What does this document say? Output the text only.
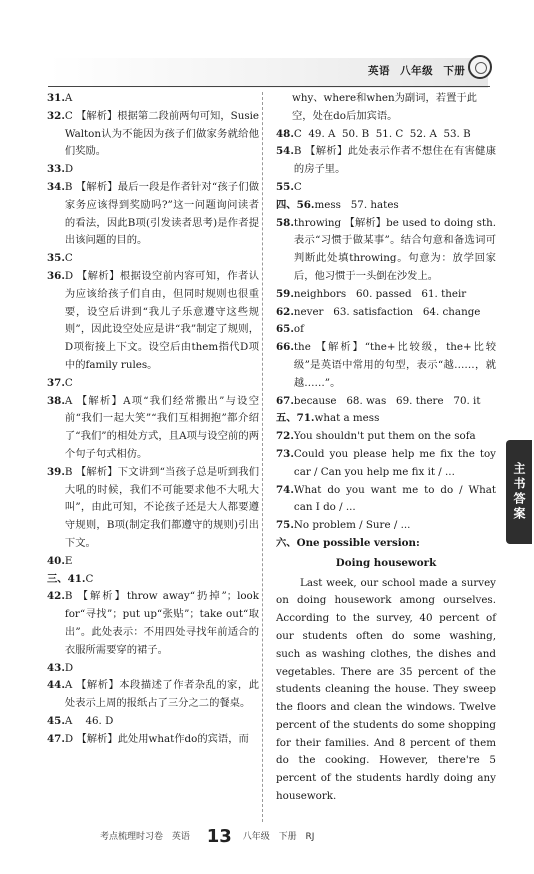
英语 八年级 下册
31. A
32. C 【解析】根据第二段前两句可知，Susie Walton认为不能因为孩子们做家务就给他们奖励。
33. D
34. B 【解析】最后一段是作者针对“孩子们做家务应该得到奖励吗?”这一问题询问读者的看法，因此B项(引发读者思考)是作者提出该问题的目的。
35. C
36. D 【解析】根据设空前内容可知，作者认为应该给孩子们自由，但同时规则也很重要，设空后讲到“我儿子乐意遵守这些规则”，因此设空处应是讲“我”制定了规则，D项衔接上下文。设空后由them指代D项中的family rules。
37. C
38. A 【解析】A项“我们经常搬出”与设空前“我们一起大笑”“我们互相拥抱”都介绍了“我们”的相处方式，且A项与设空前的两个句子句式相仿。
39. B 【解析】下文讲到“当孩子总是听到我们大吼的时候，我们不可能要求他不大吼大叫”，由此可知，不论孩子还是大人都要遵守规则，B项(制定我们都遵守的规则)引出下文。
40. E
三、41. C
42. B 【解析】throw away“扔掉”；look for“寻找”；put up“张贴”；take out“取出”。此处表示：不用四处寻找年前适合的衣服所需要穿的裙子。
43. D
44. A 【解析】本段描述了作者杂乱的家，此处表示上周的报纸占了三分之二的餐桌。
45. A    46. D
47. D 【解析】此处用what作do的宾语，而
why、where和when为副词，若置于此空，处在do后加宾语。
48. C  49. A  50. B  51. C  52. A  53. B
54. B 【解析】此处表示作者不想住在有害健康的房子里。
55. C
四、56. mess   57. hates
58. throwing 【解析】be used to doing sth. 表示“习惯于做某事”。结合句意和备选词可判断此处填throwing。句意为：放学回家后，他习惯于一头倒在沙发上。
59. neighbors   60. passed   61. their
62. never   63. satisfaction   64. change
65. of
66. the 【解析】“the+比较级，the+比较级”是英语中常用的句型，表示“越……，就越……”。
67. because   68. was   69. there   70. it
五、71. what a mess
72. You shouldn't put them on the sofa
73. Could you please help me fix the toy car / Can you help me fix it / ...
74. What do you want me to do / What can I do / ...
75. No problem / Sure / ...
六、One possible version:
Doing housework
Last week, our school made a survey on doing housework among ourselves. According to the survey, 40 percent of our students often do some washing, such as washing clothes, the dishes and vegetables. There are 35 percent of the students cleaning the house. They sweep the floors and clean the windows. Twelve percent of the students do some shopping for their families. And 8 percent of them do the cooking. However, there're 5 percent of the students hardly doing any housework.
主书答案
考点梳理时习卷 英语 13 八年级 下册 RJ
